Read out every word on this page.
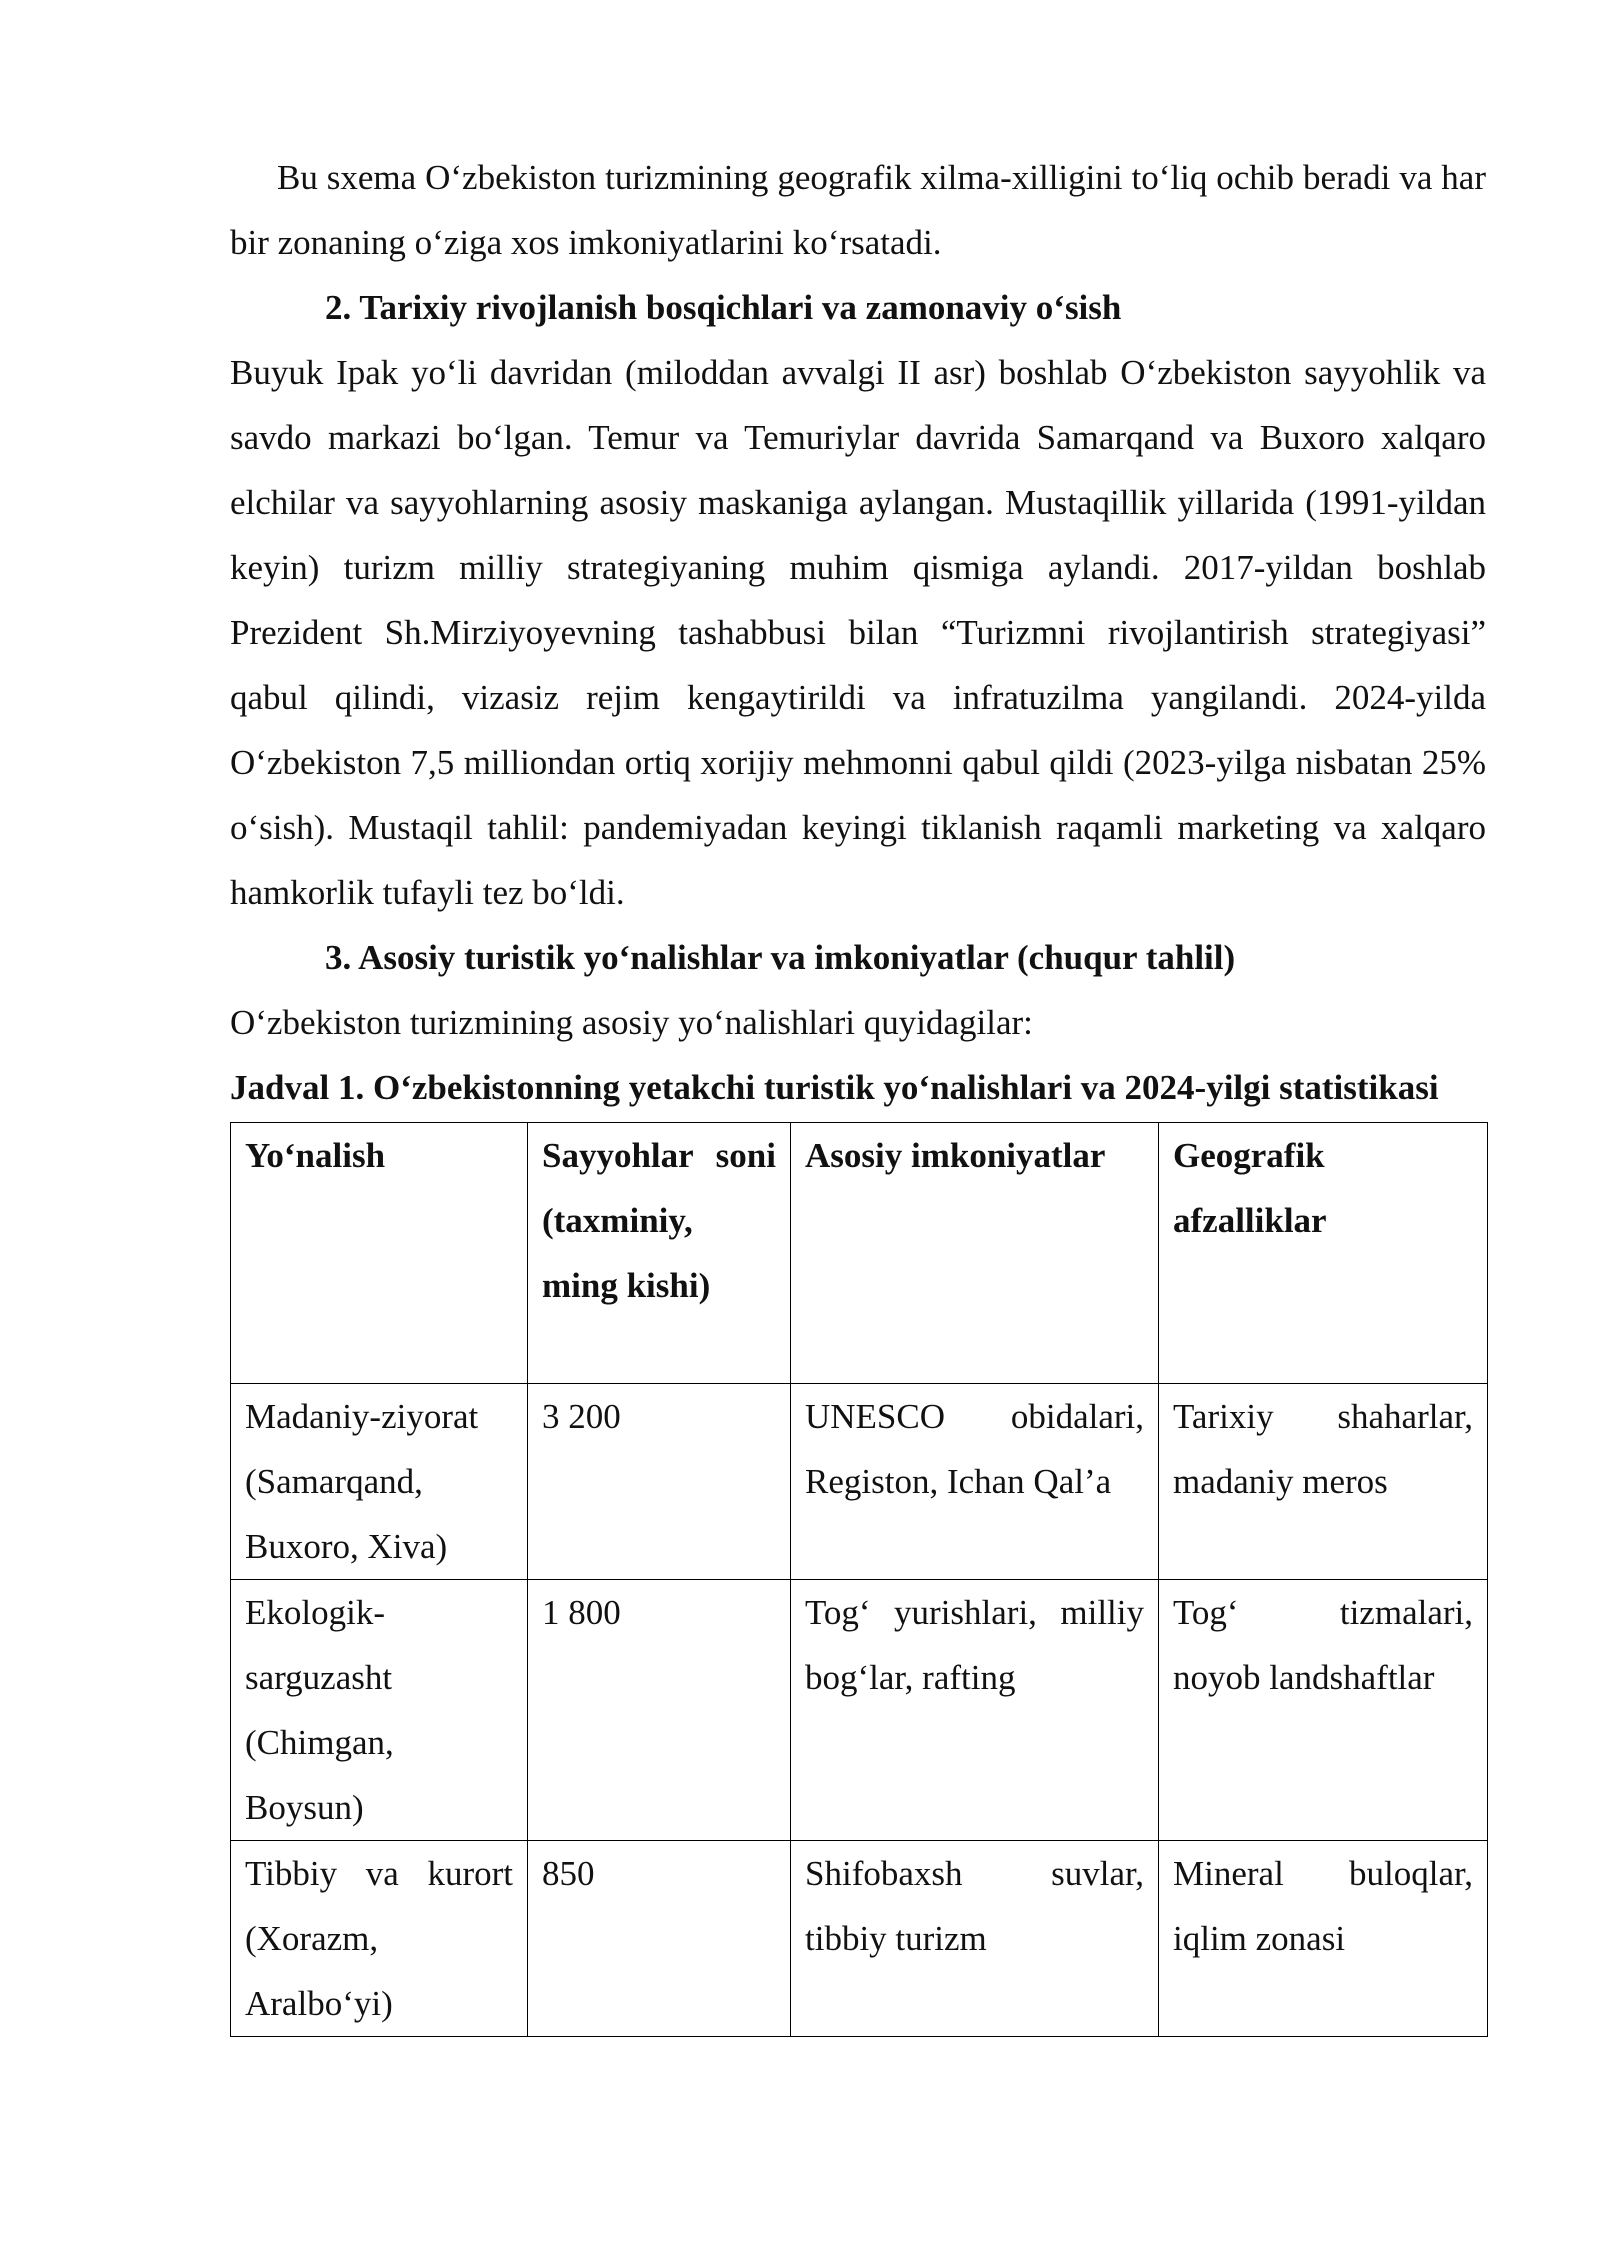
Bu sxema O‘zbekiston turizmining geografik xilma-xilligini to‘liq ochib beradi va har bir zonaning o‘ziga xos imkoniyatlarini ko‘rsatadi.

2. Tarixiy rivojlanish bosqichlari va zamonaviy o‘sish

Buyuk Ipak yo‘li davridan (miloddan avvalgi II asr) boshlab O‘zbekiston sayyohlik va savdo markazi bo‘lgan. Temur va Temuriylar davrida Samarqand va Buxoro xalqaro elchilar va sayyohlarning asosiy maskaniga aylangan. Mustaqillik yillarida (1991-yildan keyin) turizm milliy strategiyaning muhim qismiga aylandi. 2017-yildan boshlab Prezident Sh.Mirziyoyevning tashabbusi bilan “Turizmni rivojlantirish strategiyasi” qabul qilindi, vizasiz rejim kengaytirildi va infratuzilma yangilandi. 2024-yilda O‘zbekiston 7,5 milliondan ortiq xorijiy mehmonni qabul qildi (2023-yilga nisbatan 25% o‘sish). Mustaqil tahlil: pandemiyadan keyingi tiklanish raqamli marketing va xalqaro hamkorlik tufayli tez bo‘ldi.

3. Asosiy turistik yo‘nalishlar va imkoniyatlar (chuqur tahlil)

O‘zbekiston turizmining asosiy yo‘nalishlari quyidagilar:

Jadval 1. O‘zbekistonning yetakchi turistik yo‘nalishlari va 2024-yilgi statistikasi

Yo‘nalish	Sayyohlar soni (taxminiy, ming kishi)	Asosiy imkoniyatlar	Geografik afzalliklar
Madaniy-ziyorat (Samarqand, Buxoro, Xiva)	3 200	UNESCO obidalari, Registon, Ichan Qal’a	Tarixiy shaharlar, madaniy meros
Ekologik-sarguzasht (Chimgan, Boysun)	1 800	Tog‘ yurishlari, milliy bog‘lar, rafting	Tog‘ tizmalari, noyob landshaftlar
Tibbiy va kurort (Xorazm, Aralbo‘yi)	850	Shifobaxsh suvlar, tibbiy turizm	Mineral buloqlar, iqlim zonasi
